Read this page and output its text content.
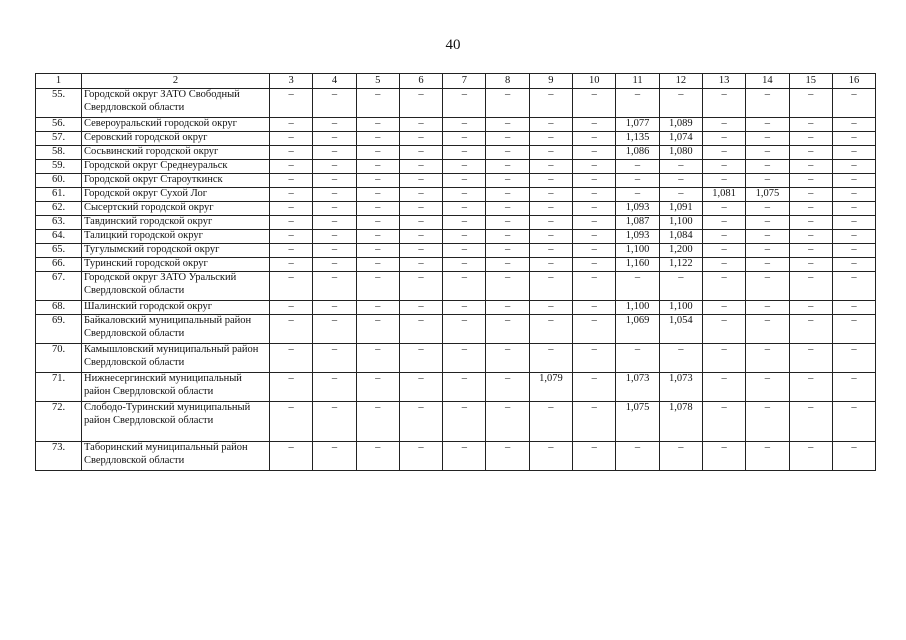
40
1	2	3	4	5	6	7	8	9	10	11	12	13	14	15	16
55.	Городской округ ЗАТО Свободный Свердловской области	–	–	–	–	–	–	–	–	–	–	–	–	–	–
56.	Североуральский городской округ	–	–	–	–	–	–	–	–	1,077	1,089	–	–	–	–
57.	Серовский городской округ	–	–	–	–	–	–	–	–	1,135	1,074	–	–	–	–
58.	Сосьвинский городской округ	–	–	–	–	–	–	–	–	1,086	1,080	–	–	–	–
59.	Городской округ Среднеуральск	–	–	–	–	–	–	–	–	–	–	–	–	–	–
60.	Городской округ Староуткинск	–	–	–	–	–	–	–	–	–	–	–	–	–	–
61.	Городской округ Сухой Лог	–	–	–	–	–	–	–	–	–	–	1,081	1,075	–	–
62.	Сысертский городской округ	–	–	–	–	–	–	–	–	1,093	1,091	–	–	–	–
63.	Тавдинский городской округ	–	–	–	–	–	–	–	–	1,087	1,100	–	–	–	–
64.	Талицкий городской округ	–	–	–	–	–	–	–	–	1,093	1,084	–	–	–	–
65.	Тугулымский городской округ	–	–	–	–	–	–	–	–	1,100	1,200	–	–	–	–
66.	Туринский городской округ	–	–	–	–	–	–	–	–	1,160	1,122	–	–	–	–
67.	Городской округ ЗАТО Уральский Свердловской области	–	–	–	–	–	–	–	–	–	–	–	–	–	–
68.	Шалинский городской округ	–	–	–	–	–	–	–	–	1,100	1,100	–	–	–	–
69.	Байкаловский муниципальный район Свердловской области	–	–	–	–	–	–	–	–	1,069	1,054	–	–	–	–
70.	Камышловский муниципальный район Свердловской области	–	–	–	–	–	–	–	–	–	–	–	–	–	–
71.	Нижнесергинский муниципальный район Свердловской области	–	–	–	–	–	–	1,079	–	1,073	1,073	–	–	–	–
72.	Слободо-Туринский муниципальный район Свердловской области	–	–	–	–	–	–	–	–	1,075	1,078	–	–	–	–
73.	Таборинский муниципальный район Свердловской области	–	–	–	–	–	–	–	–	–	–	–	–	–	–
